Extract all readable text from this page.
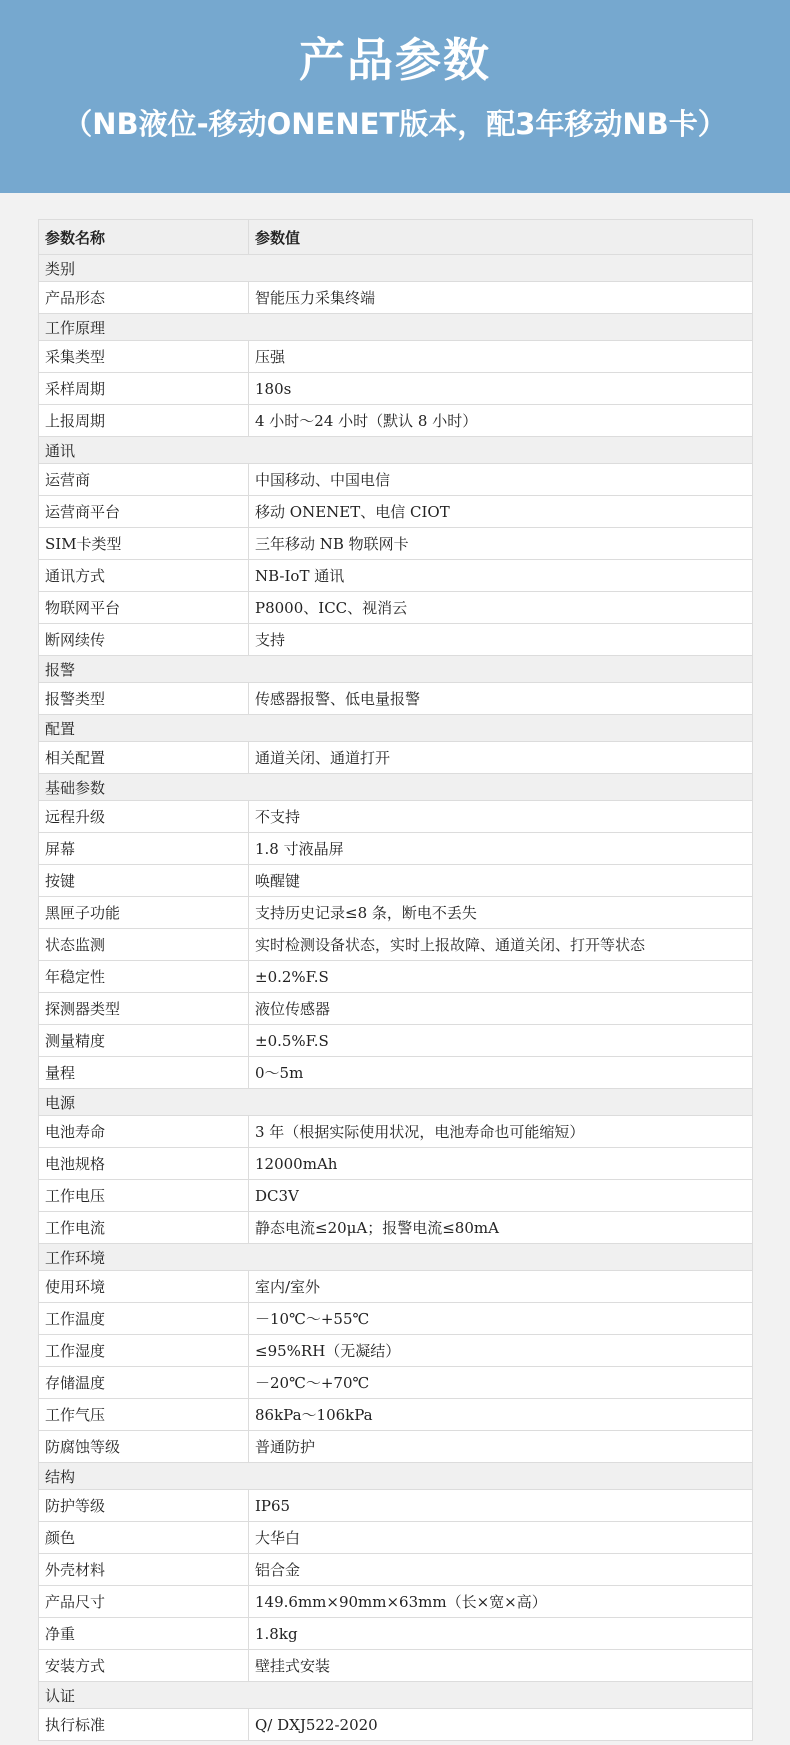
产品参数
（NB液位-移动ONENET版本，配3年移动NB卡）
参数名称	参数值
类别	
产品形态	智能压力采集终端
工作原理	
采集类型	压强
采样周期	180s
上报周期	4 小时～24 小时（默认 8 小时）
通讯	
运营商	中国移动、中国电信
运营商平台	移动 ONENET、电信 CIOT
SIM卡类型	三年移动 NB 物联网卡
通讯方式	NB-IoT 通讯
物联网平台	P8000、ICC、视消云
断网续传	支持
报警	
报警类型	传感器报警、低电量报警
配置	
相关配置	通道关闭、通道打开
基础参数	
远程升级	不支持
屏幕	1.8 寸液晶屏
按键	唤醒键
黑匣子功能	支持历史记录≤8 条，断电不丢失
状态监测	实时检测设备状态，实时上报故障、通道关闭、打开等状态
年稳定性	±0.2%F.S
探测器类型	液位传感器
测量精度	±0.5%F.S
量程	0～5m
电源	
电池寿命	3 年（根据实际使用状况，电池寿命也可能缩短）
电池规格	12000mAh
工作电压	DC3V
工作电流	静态电流≤20μA；报警电流≤80mA
工作环境	
使用环境	室内/室外
工作温度	－10℃～+55℃
工作湿度	≤95%RH（无凝结）
存储温度	－20℃～+70℃
工作气压	86kPa～106kPa
防腐蚀等级	普通防护
结构	
防护等级	IP65
颜色	大华白
外壳材料	铝合金
产品尺寸	149.6mm×90mm×63mm（长×宽×高）
净重	1.8kg
安装方式	壁挂式安装
认证	
执行标准	Q/ DXJ522-2020
